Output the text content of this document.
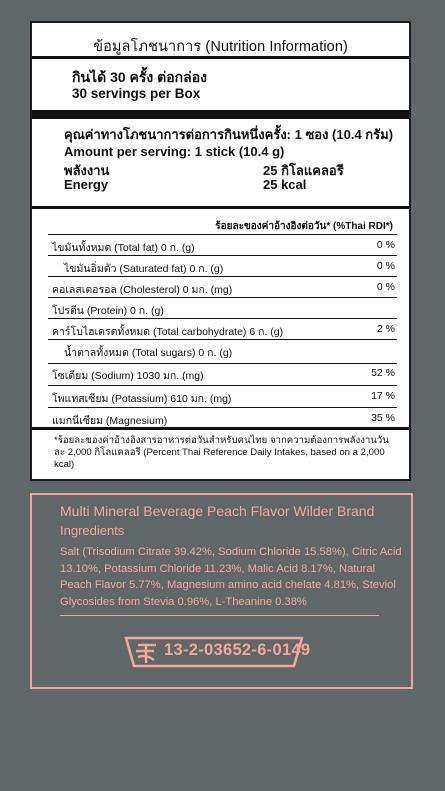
ข้อมูลโภชนาการ (Nutrition Information)
กินได้ 30 ครั้ง ต่อกล่อง
30 servings per Box
คุณค่าทางโภชนาการต่อการกินหนึ่งครั้ง: 1 ซอง (10.4 กรัม)
Amount per serving: 1 stick (10.4 g)
พลังงาน	25 กิโลแคลอรี
Energy	25 kcal
ร้อยละของค่าอ้างอิงต่อวัน* (%Thai RDI*)
ไขมันทั้งหมด (Total fat) 0 ก. (g)	0 %
ไขมันอิ่มตัว (Saturated fat) 0 ก. (g)	0 %
คอเลสเตอรอล (Cholesterol) 0 มก. (mg)	0 %
โปรตีน (Protein) 0 ก. (g)
คาร์โบไฮเดรตทั้งหมด (Total carbohydrate) 6 ก. (g)	2 %
น้ำตาลทั้งหมด (Total sugars) 0 ก. (g)
โซเดียม (Sodium) 1030 มก. (mg)	52 %
โพแทสเซียม (Potassium) 610 มก. (mg)	17 %
แมกนีเซียม (Magnesium)	35 %
*ร้อยละของค่าอ้างอิงสารอาหารต่อวันสำหรับคนไทย จากความต้องการพลังงานวันละ 2,000 กิโลแคลอรี (Percent Thai Reference Daily Intakes, based on a 2,000 kcal)
Multi Mineral Beverage Peach Flavor Wilder Brand
Ingredients
Salt (Trisodium Citrate 39.42%, Sodium Chloride 15.58%), Citric Acid 13.10%, Potassium Chloride 11.23%, Malic Acid 8.17%, Natural Peach Flavor 5.77%, Magnesium amino acid chelate 4.81%, Steviol Glycosides from Stevia 0.96%, L-Theanine 0.38%
13-2-03652-6-0149
